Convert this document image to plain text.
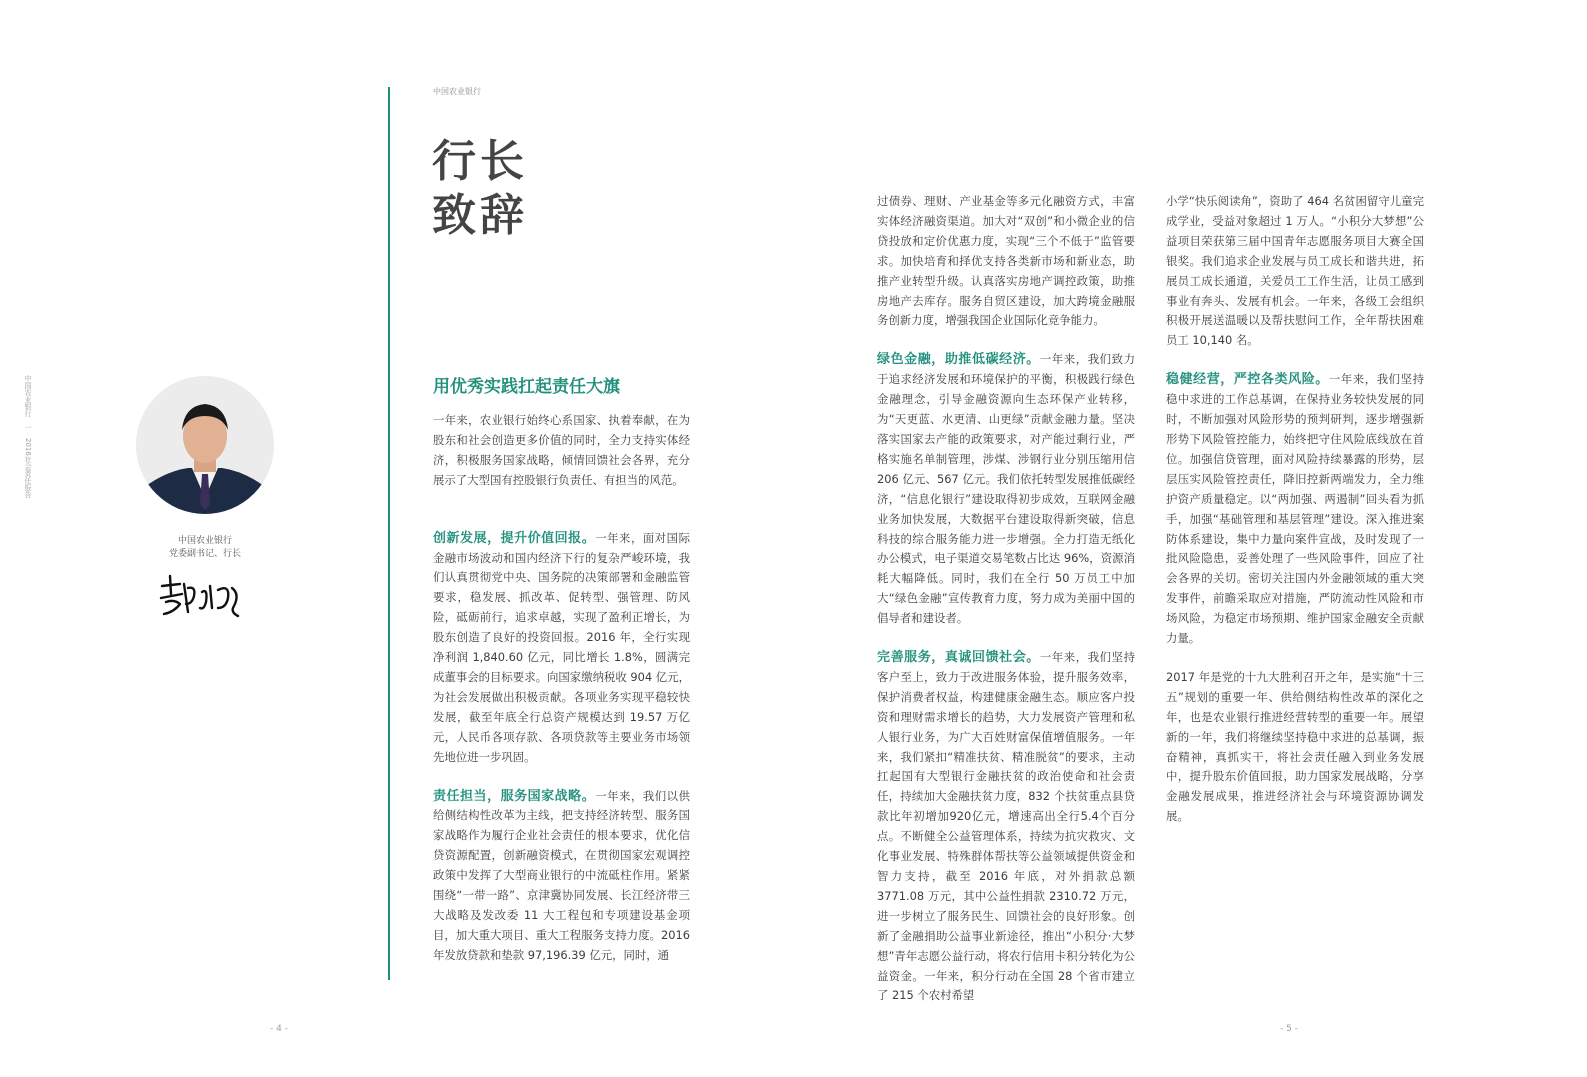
中国农业银行　一　2016社会责任报告
中国农业银行
党委副书记、行长
中国农业银行
行长
致辞
用优秀实践扛起责任大旗

一年来，农业银行始终心系国家、执着奉献，在为股东和社会创造更多价值的同时，全力支持实体经济，积极服务国家战略，倾情回馈社会各界，充分展示了大型国有控股银行负责任、有担当的风范。

创新发展，提升价值回报。一年来，面对国际金融市场波动和国内经济下行的复杂严峻环境，我们认真贯彻党中央、国务院的决策部署和金融监管要求，稳发展、抓改革、促转型、强管理、防风险，砥砺前行，追求卓越，实现了盈利正增长，为股东创造了良好的投资回报。2016 年，全行实现净利润 1,840.60 亿元，同比增长 1.8%，圆满完成董事会的目标要求。向国家缴纳税收 904 亿元，为社会发展做出积极贡献。各项业务实现平稳较快发展，截至年底全行总资产规模达到 19.57 万亿元，人民币各项存款、各项贷款等主要业务市场领先地位进一步巩固。

责任担当，服务国家战略。一年来，我们以供给侧结构性改革为主线，把支持经济转型、服务国家战略作为履行企业社会责任的根本要求，优化信贷资源配置，创新融资模式，在贯彻国家宏观调控政策中发挥了大型商业银行的中流砥柱作用。紧紧围绕“一带一路”、京津冀协同发展、长江经济带三大战略及发改委 11 大工程包和专项建设基金项目，加大重大项目、重大工程服务支持力度。2016 年发放贷款和垫款 97,196.39 亿元，同时，通

过债券、理财、产业基金等多元化融资方式，丰富实体经济融资渠道。加大对“双创”和小微企业的信贷投放和定价优惠力度，实现“三个不低于”监管要求。加快培育和择优支持各类新市场和新业态，助推产业转型升级。认真落实房地产调控政策，助推房地产去库存。服务自贸区建设，加大跨境金融服务创新力度，增强我国企业国际化竞争能力。

绿色金融，助推低碳经济。一年来，我们致力于追求经济发展和环境保护的平衡，积极践行绿色金融理念，引导金融资源向生态环保产业转移，为“天更蓝、水更清、山更绿”贡献金融力量。坚决落实国家去产能的政策要求，对产能过剩行业，严格实施名单制管理，涉煤、涉钢行业分别压缩用信 206 亿元、567 亿元。我们依托转型发展推低碳经济，“信息化银行”建设取得初步成效，互联网金融业务加快发展，大数据平台建设取得新突破，信息科技的综合服务能力进一步增强。全力打造无纸化办公模式，电子渠道交易笔数占比达 96%，资源消耗大幅降低。同时，我们在全行 50 万员工中加大“绿色金融”宣传教育力度，努力成为美丽中国的倡导者和建设者。

完善服务，真诚回馈社会。一年来，我们坚持客户至上，致力于改进服务体验，提升服务效率，保护消费者权益，构建健康金融生态。顺应客户投资和理财需求增长的趋势，大力发展资产管理和私人银行业务，为广大百姓财富保值增值服务。一年来，我们紧扣“精准扶贫、精准脱贫”的要求，主动扛起国有大型银行金融扶贫的政治使命和社会责任，持续加大金融扶贫力度，832 个扶贫重点县贷款比年初增加920亿元，增速高出全行5.4个百分点。不断健全公益管理体系，持续为抗灾救灾、文化事业发展、特殊群体帮扶等公益领域提供资金和智力支持，截至 2016 年底，对外捐款总额 3771.08 万元，其中公益性捐款 2310.72 万元，进一步树立了服务民生、回馈社会的良好形象。创新了金融捐助公益事业新途径，推出“小积分·大梦想”青年志愿公益行动，将农行信用卡积分转化为公益资金。一年来，积分行动在全国 28 个省市建立了 215 个农村希望

小学“快乐阅读角”，资助了 464 名贫困留守儿童完成学业，受益对象超过 1 万人。“小积分大梦想”公益项目荣获第三届中国青年志愿服务项目大赛全国银奖。我们追求企业发展与员工成长和谐共进，拓展员工成长通道，关爱员工工作生活，让员工感到事业有奔头、发展有机会。一年来，各级工会组织积极开展送温暖以及帮扶慰问工作，全年帮扶困难员工 10,140 名。

稳健经营，严控各类风险。一年来，我们坚持稳中求进的工作总基调，在保持业务较快发展的同时，不断加强对风险形势的预判研判，逐步增强新形势下风险管控能力，始终把守住风险底线放在首位。加强信贷管理，面对风险持续暴露的形势，层层压实风险管控责任，降旧控新两端发力，全力维护资产质量稳定。以“两加强、两遏制”回头看为抓手，加强“基础管理和基层管理”建设。深入推进案防体系建设，集中力量向案件宣战，及时发现了一批风险隐患，妥善处理了一些风险事件，回应了社会各界的关切。密切关注国内外金融领域的重大突发事件，前瞻采取应对措施，严防流动性风险和市场风险，为稳定市场预期、维护国家金融安全贡献力量。

2017 年是党的十九大胜利召开之年，是实施“十三五”规划的重要一年、供给侧结构性改革的深化之年，也是农业银行推进经营转型的重要一年。展望新的一年，我们将继续坚持稳中求进的总基调，振奋精神，真抓实干，将社会责任融入到业务发展中，提升股东价值回报，助力国家发展战略，分享金融发展成果，推进经济社会与环境资源协调发展。

- 4 -	- 5 -
